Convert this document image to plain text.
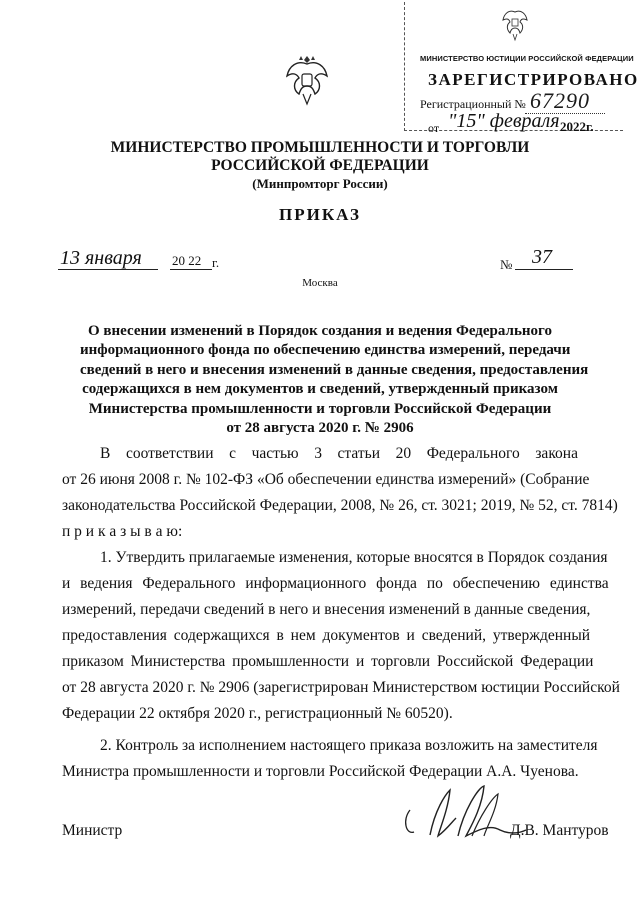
МИНИСТЕРСТВО ЮСТИЦИИ РОССИЙСКОЙ ФЕДЕРАЦИИ
ЗАРЕГИСТРИРОВАНО
Регистрационный № 67290
от "15" февраля 2022г.
МИНИСТЕРСТВО ПРОМЫШЛЕННОСТИ И ТОРГОВЛИ
РОССИЙСКОЙ ФЕДЕРАЦИИ
(Минпромторг России)
ПРИКАЗ
13 января 20 22 г.	№ 37
Москва
О внесении изменений в Порядок создания и ведения Федерального
информационного фонда по обеспечению единства измерений, передачи
сведений в него и внесения изменений в данные сведения, предоставления
содержащихся в нем документов и сведений, утвержденный приказом
Министерства промышленности и торговли Российской Федерации
от 28 августа 2020 г. № 2906
В соответствии с частью 3 статьи 20 Федерального закона
от 26 июня 2008 г. № 102-ФЗ «Об обеспечении единства измерений» (Собрание
законодательства Российской Федерации, 2008, № 26, ст. 3021; 2019, № 52, ст. 7814)
п р и к а з ы в а ю:
1. Утвердить прилагаемые изменения, которые вносятся в Порядок создания
и ведения Федерального информационного фонда по обеспечению единства
измерений, передачи сведений в него и внесения изменений в данные сведения,
предоставления содержащихся в нем документов и сведений, утвержденный
приказом Министерства промышленности и торговли Российской Федерации
от 28 августа 2020 г. № 2906 (зарегистрирован Министерством юстиции Российской
Федерации 22 октября 2020 г., регистрационный № 60520).
2. Контроль за исполнением настоящего приказа возложить на заместителя
Министра промышленности и торговли Российской Федерации А.А. Чуенова.
Министр	Д.В. Мантуров
